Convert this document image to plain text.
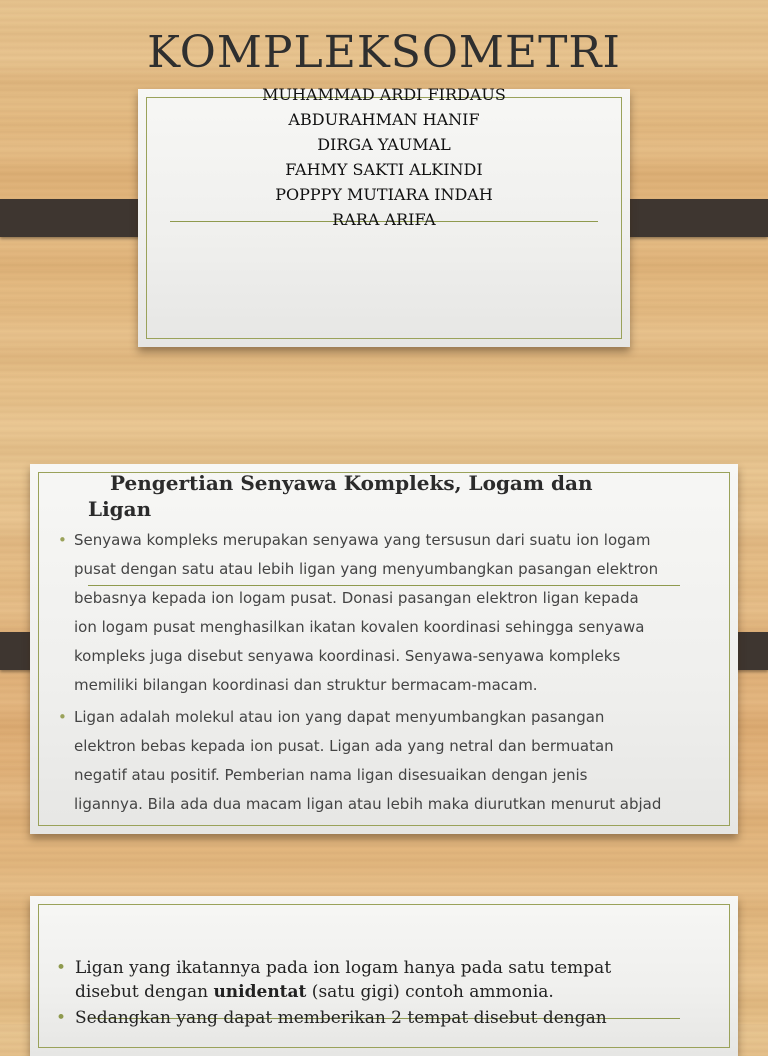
KOMPLEKSOMETRI
MUHAMMAD ARDI FIRDAUS
ABDURAHMAN HANIF
DIRGA YAUMAL
FAHMY SAKTI ALKINDI
POPPPY MUTIARA INDAH
RARA ARIFA
Pengertian Senyawa Kompleks, Logam dan
Ligan
• Senyawa kompleks merupakan senyawa yang tersusun dari suatu ion logam
pusat dengan satu atau lebih ligan yang menyumbangkan pasangan elektron
bebasnya kepada ion logam pusat. Donasi pasangan elektron ligan kepada
ion logam pusat menghasilkan ikatan kovalen koordinasi sehingga senyawa
kompleks juga disebut senyawa koordinasi. Senyawa-senyawa kompleks
memiliki bilangan koordinasi dan struktur bermacam-macam.
• Ligan adalah molekul atau ion yang dapat menyumbangkan pasangan
elektron bebas kepada ion pusat. Ligan ada yang netral dan bermuatan
negatif atau positif. Pemberian nama ligan disesuaikan dengan jenis
ligannya. Bila ada dua macam ligan atau lebih maka diurutkan menurut abjad
• Ligan yang ikatannya pada ion logam hanya pada satu tempat
disebut dengan unidentat (satu gigi) contoh ammonia.
• Sedangkan yang dapat memberikan 2 tempat disebut dengan
